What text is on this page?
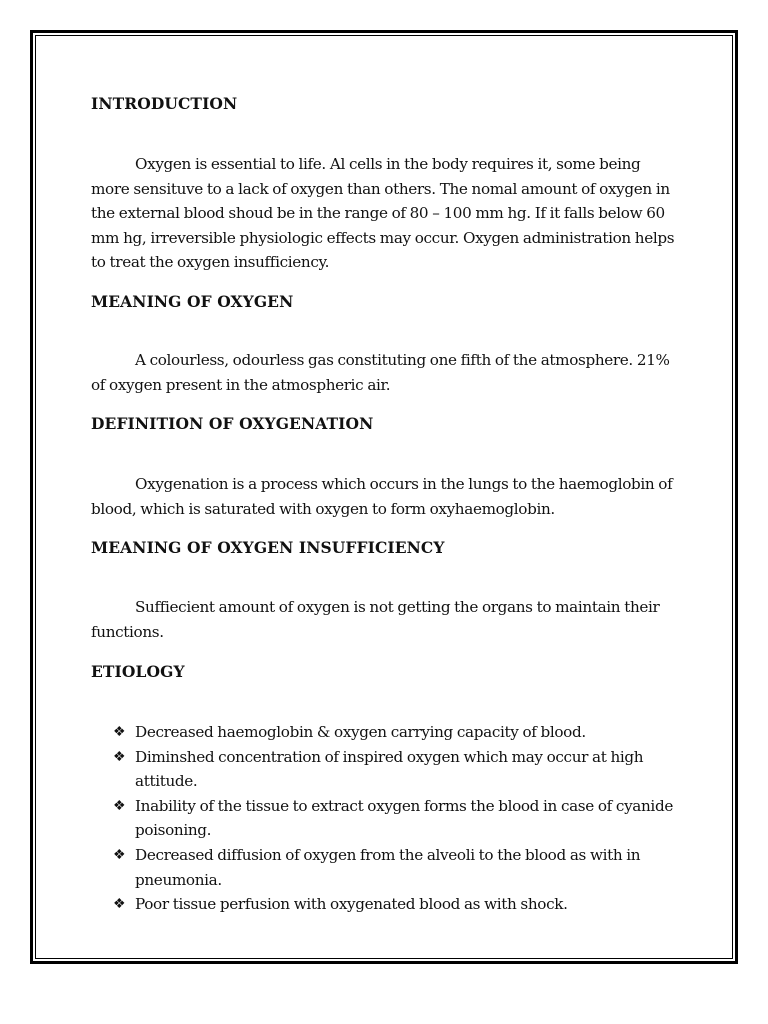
INTRODUCTION

Oxygen is essential to life. Al cells in the body requires it, some being more sensituve to a lack of oxygen than others. The nomal amount of oxygen in the external blood shoud be in the range of 80 – 100 mm hg. If it falls below 60 mm hg, irreversible physiologic effects may occur. Oxygen administration helps to treat the oxygen insufficiency.

MEANING OF OXYGEN

A colourless, odourless gas constituting one fifth of the atmosphere. 21% of oxygen present in the atmospheric air.

DEFINITION OF OXYGENATION

Oxygenation is a process which occurs in the lungs to the haemoglobin of blood, which is saturated with oxygen to form oxyhaemoglobin.

MEANING OF OXYGEN INSUFFICIENCY

Suffiecient amount of oxygen is not getting the organs to maintain their functions.

ETIOLOGY
❖ Decreased haemoglobin & oxygen carrying capacity of blood.
❖ Diminshed concentration of inspired oxygen which may occur at high attitude.
❖ Inability of the tissue to extract oxygen forms the blood in case of cyanide poisoning.
❖ Decreased diffusion of oxygen from the alveoli to the blood as with in pneumonia.
❖ Poor tissue perfusion with oxygenated blood as with shock.
